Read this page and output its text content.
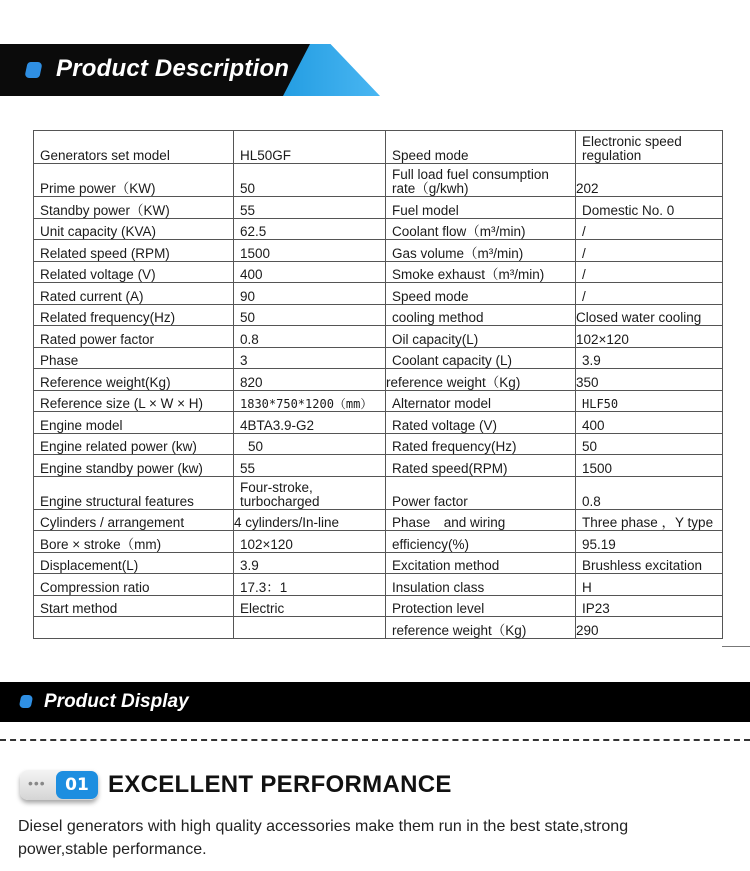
Product Description
Generators set model	HL50GF	Speed mode	Electronic speed regulation
Prime power（KW)	50	Full load fuel consumption rate（g/kwh)	202
Standby power（KW)	55	Fuel model	Domestic No. 0
Unit capacity (KVA)	62.5	Coolant flow（m³/min)	/
Related speed (RPM)	1500	Gas volume（m³/min)	/
Related voltage (V)	400	Smoke exhaust（m³/min)	/
Rated current (A)	90	Speed mode	/
Related frequency(Hz)	50	cooling method	Closed water cooling
Rated power factor	0.8	Oil capacity(L)	102×120
Phase	3	Coolant capacity (L)	3.9
Reference weight(Kg)	820	reference weight（Kg)	350
Reference size (L × W × H)	1830*750*1200（mm）	Alternator model	HLF50
Engine model	4BTA3.9-G2	Rated voltage (V)	400
Engine related power (kw)	50	Rated frequency(Hz)	50
Engine standby power (kw)	55	Rated speed(RPM)	1500
Engine structural features	Four-stroke, turbocharged	Power factor	0.8
Cylinders / arrangement	4 cylinders/In-line	Phase　and wiring	Three phase ，Y type
Bore × stroke（mm)	102×120	efficiency(%)	95.19
Displacement(L)	3.9	Excitation method	Brushless excitation
Compression ratio	17.3：1	Insulation class	H
Start method	Electric	Protection level	IP23
		reference weight（Kg)	290
Product Display
•••	01 EXCELLENT PERFORMANCE
Diesel generators with high quality accessories make them run in the best state,strong power,stable performance.
